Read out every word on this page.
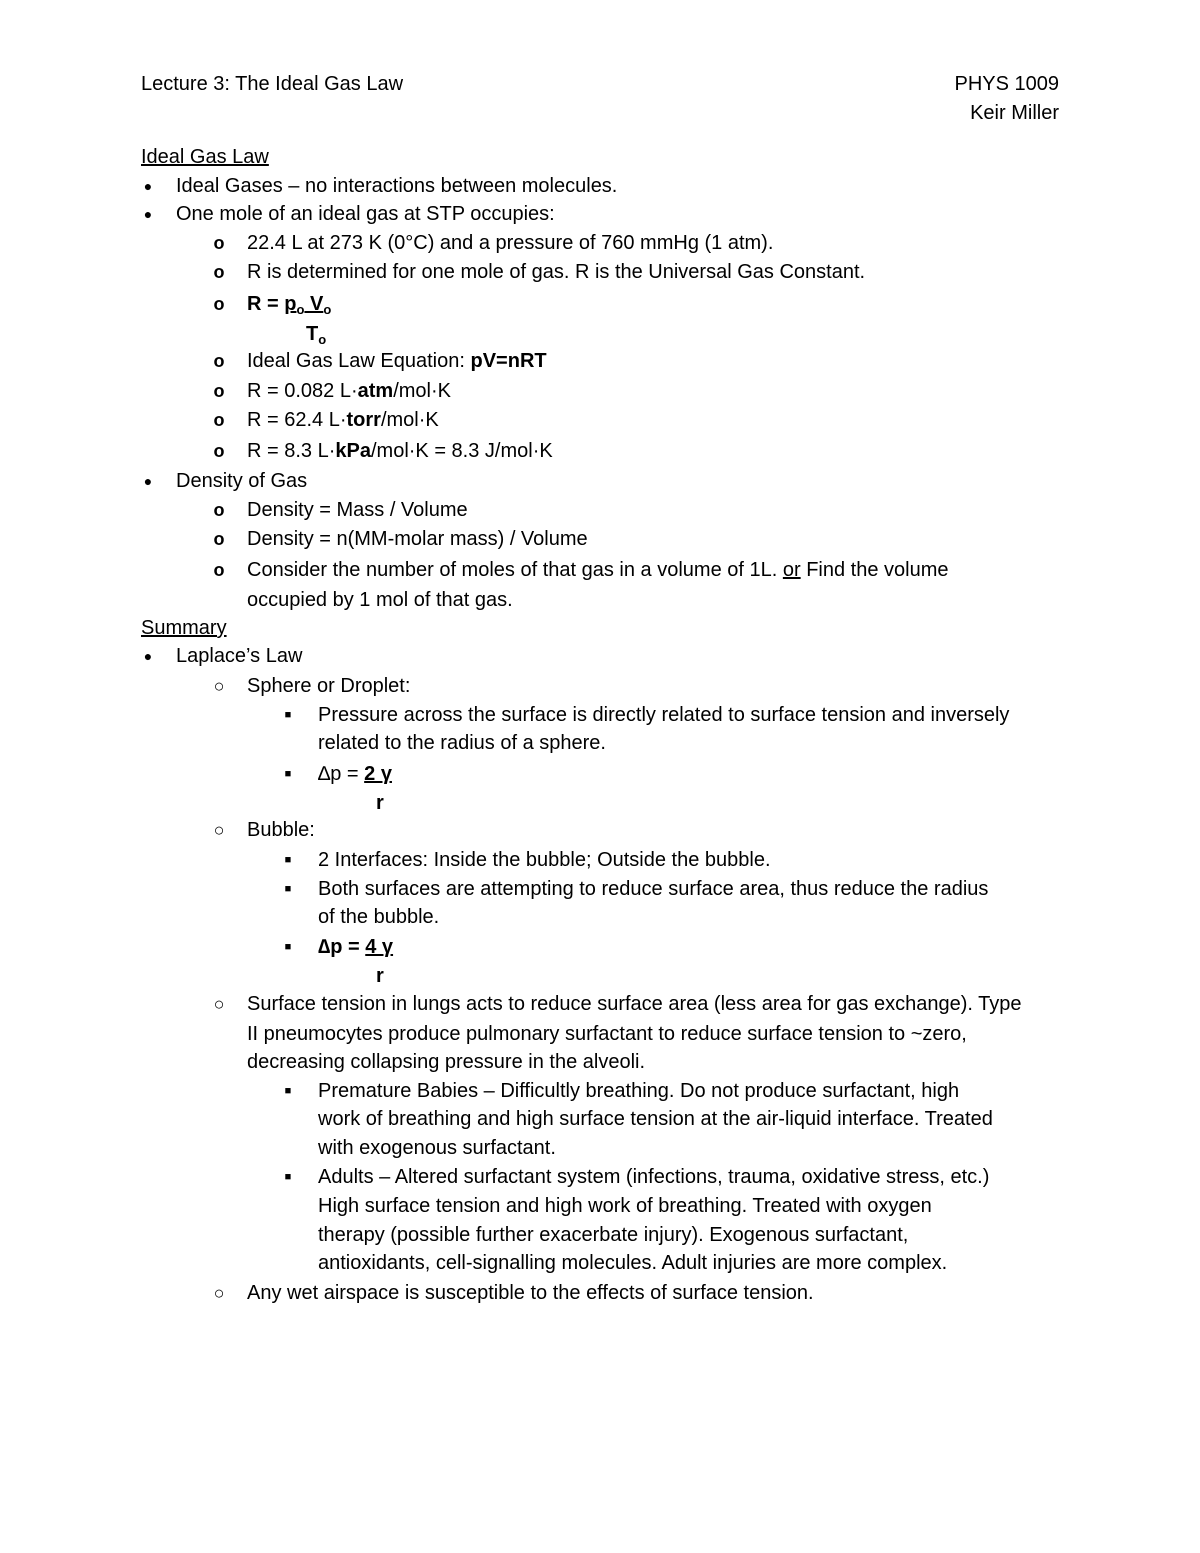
Lecture 3: The Ideal Gas Law	PHYS 1009
Keir Miller
Ideal Gas Law
● Ideal Gases – no interactions between molecules.
● One mole of an ideal gas at STP occupies:
o 22.4 L at 273 K (0°C) and a pressure of 760 mmHg (1 atm).
o R is determined for one mole of gas. R is the Universal Gas Constant.
o $R = p_o$ $V_o$
$T_o$
o Ideal Gas Law Equation: pV=nRT
o R = 0.082 L·atm/mol·K
o R = 62.4 L·torr/mol·K
o R = 8.3 L·kPa/mol·K = 8.3 J/mol·K
● Density of Gas
o Density = Mass / Volume
o Density = n(MM-molar mass) / Volume
o Consider the number of moles of that gas in a volume of 1L. or Find the volume
occupied by 1 mol of that gas.
Summary
● Laplace’s Law
○ Sphere or Droplet:
■ Pressure across the surface is directly related to surface tension and inversely
related to the radius of a sphere.
■ ∆p = 2 γ
r
○ Bubble:
■ 2 Interfaces: Inside the bubble; Outside the bubble.
■ Both surfaces are attempting to reduce surface area, thus reduce the radius
of the bubble.
■ ∆p = 4 γ
r
○ Surface tension in lungs acts to reduce surface area (less area for gas exchange). Type
II pneumocytes produce pulmonary surfactant to reduce surface tension to ~zero,
decreasing collapsing pressure in the alveoli.
■ Premature Babies – Difficultly breathing. Do not produce surfactant, high
work of breathing and high surface tension at the air-liquid interface. Treated
with exogenous surfactant.
■ Adults – Altered surfactant system (infections, trauma, oxidative stress, etc.)
High surface tension and high work of breathing. Treated with oxygen
therapy (possible further exacerbate injury). Exogenous surfactant,
antioxidants, cell-signalling molecules. Adult injuries are more complex.
○ Any wet airspace is susceptible to the effects of surface tension.
